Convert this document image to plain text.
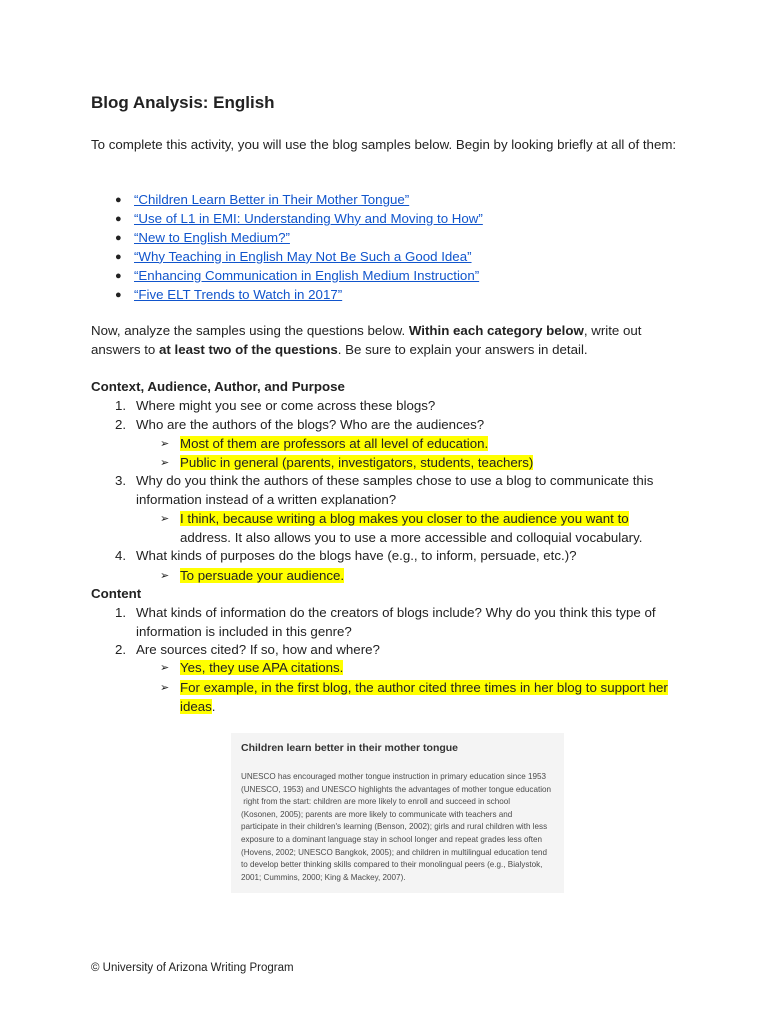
Blog Analysis: English

To complete this activity, you will use the blog samples below. Begin by looking briefly at all of them:

● “Children Learn Better in Their Mother Tongue”
● “Use of L1 in EMI: Understanding Why and Moving to How”
● “New to English Medium?”
● “Why Teaching in English May Not Be Such a Good Idea”
● “Enhancing Communication in English Medium Instruction”
● “Five ELT Trends to Watch in 2017”

Now, analyze the samples using the questions below. Within each category below, write out answers to at least two of the questions. Be sure to explain your answers in detail.

Context, Audience, Author, and Purpose
1. Where might you see or come across these blogs?
2. Who are the authors of the blogs? Who are the audiences?
➢ Most of them are professors at all level of education.
➢ Public in general (parents, investigators, students, teachers)
3. Why do you think the authors of these samples chose to use a blog to communicate this information instead of a written explanation?
➢ I think, because writing a blog makes you closer to the audience you want to address. It also allows you to use a more accessible and colloquial vocabulary.
4. What kinds of purposes do the blogs have (e.g., to inform, persuade, etc.)?
➢ To persuade your audience.
Content
1. What kinds of information do the creators of blogs include? Why do you think this type of information is included in this genre?
2. Are sources cited? If so, how and where?
➢ Yes, they use APA citations.
➢ For example, in the first blog, the author cited three times in her blog to support her ideas.
Children learn better in their mother tongue
UNESCO has encouraged mother tongue instruction in primary education since 1953
(UNESCO, 1953) and UNESCO highlights the advantages of mother tongue education
right from the start: children are more likely to enroll and succeed in school
(Kosonen, 2005); parents are more likely to communicate with teachers and
participate in their children's learning (Benson, 2002); girls and rural children with less
exposure to a dominant language stay in school longer and repeat grades less often
(Hovens, 2002; UNESCO Bangkok, 2005); and children in multilingual education tend
to develop better thinking skills compared to their monolingual peers (e.g., Bialystok,
2001; Cummins, 2000; King & Mackey, 2007).
© University of Arizona Writing Program
